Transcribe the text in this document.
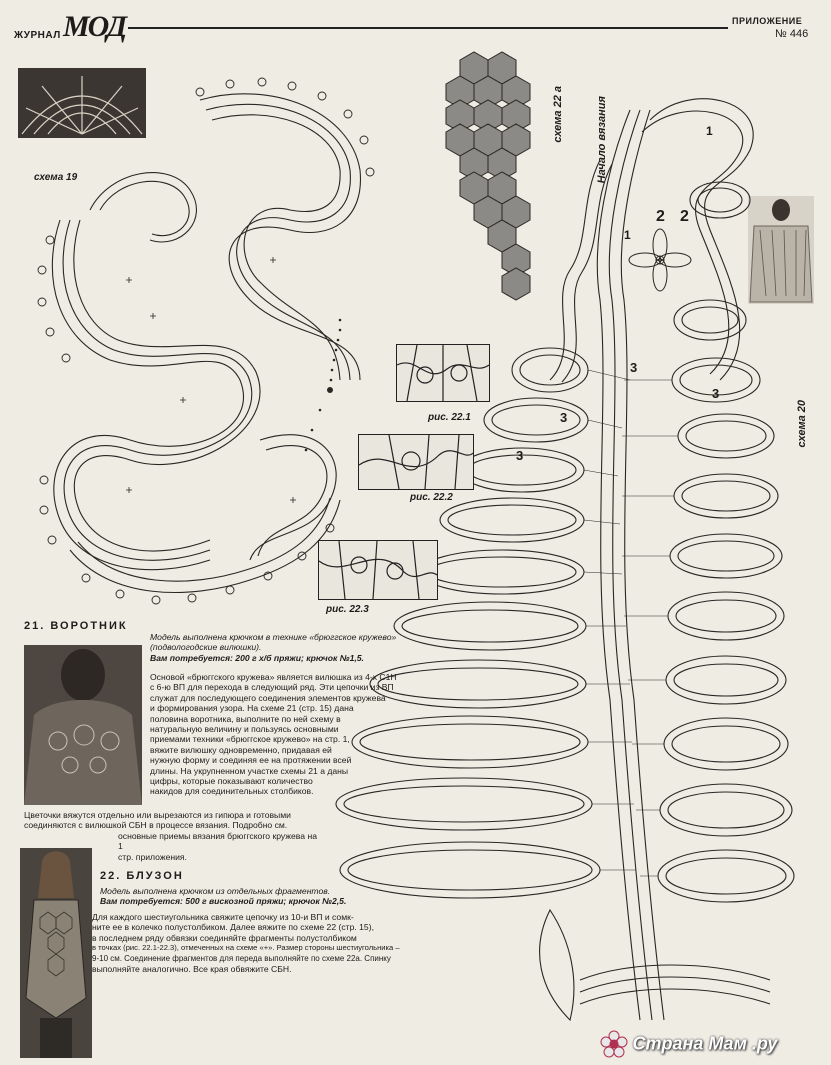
ЖУРНАЛ МОД	ПРИЛОЖЕНИЕ
№ 446
схема 19
схема 22 а	Начало вязания
схема 20
1
2 2
1
3
3
3
3
рис. 22.1
рис. 22.2
рис. 22.3
21. ВОРОТНИК
Модель выполнена крючком в технике «брюггское кружево»
(подвологодские вилюшки).
Вам потребуется: 200 г х/б пряжи; крючок №1,5.
Основой «брюггского кружева» является вилюшка из 4-х С1Н
с 6-ю ВП для перехода в следующий ряд. Эти цепочки из ВП
служат для последующего соединения элементов кружева
и формирования узора. На схеме 21 (стр. 15) дана
половина воротника, выполните по ней схему в
натуральную величину и пользуясь основными
приемами техники «брюггское кружево» на стр. 1,
вяжите вилюшку одновременно, придавая ей
нужную форму и соединяя ее на протяжении всей
длины. На укрупненном участке схемы 21 а даны
цифры, которые показывают количество
накидов для соединительных столбиков.
Цветочки вяжутся отдельно или вырезаются из гипюра и готовыми
соединяются с вилюшкой СБН в процессе вязания. Подробно см.
основные приемы вязания брюггского кружева на 1
стр. приложения.
22. БЛУЗОН
Модель выполнена крючком из отдельных фрагментов.
Вам потребуется: 500 г вискозной пряжи; крючок №2,5.
Для каждого шестиугольника свяжите цепочку из 10-и ВП и сомк-
ните ее в колечко полустолбиком. Далее вяжите по схеме 22 (стр. 15),
в последнем ряду обвязки соединяйте фрагменты полустолбиком
в точках (рис. 22.1-22.3), отмеченных на схеме «+». Размер стороны шестиугольника –
9-10 см. Соединение фрагментов для переда выполняйте по схеме 22а. Спинку
выполняйте аналогично. Все края обвяжите СБН.
Страна Мам .ру
